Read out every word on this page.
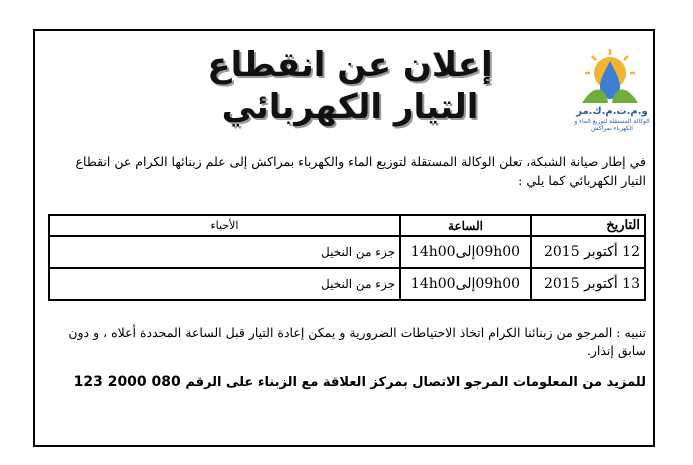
إعلان عن انقطاع
التيار الكهربائي	و.م.ت.م.ك.مر
الوكالة المستقلة لتوزيع الماء و الكهرباء بمراكش
في إطار صيانة الشبكة، تعلن الوكالة المستقلة لتوزيع الماء والكهرباء بمراكش إلى علم زبنائها الكرام عن انقطاع التيار الكهربائي كما يلي :
التاريخ	الساعة	الأحياء
12 أكتوبر 2015	09h00إلى14h00	جزء من النخيل
13 أكتوبر 2015	09h00إلى14h00	جزء من النخيل
تنبيه : المرجو من زبنائنا الكرام اتخاذ الاحتياطات الضرورية و يمكن إعادة التيار قبل الساعة المحددة أعلاه ، و دون سابق إنذار.
للمزيد من المعلومات المرجو الاتصال بمركز العلاقة مع الزبناء على الرقم 080 2000 123
